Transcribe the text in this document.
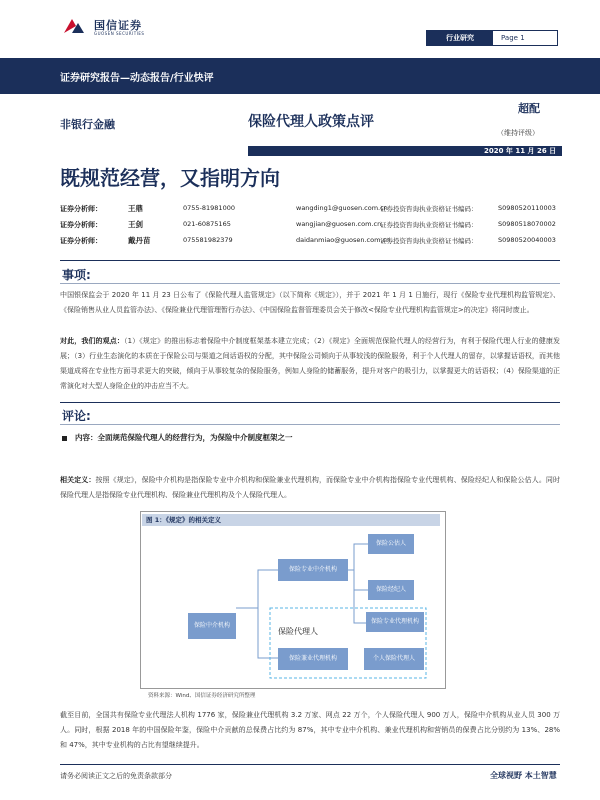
国信证券
GUOSEN SECURITIES
行业研究	Page 1
证券研究报告—动态报告/行业快评
非银行金融	保险代理人政策点评
超配
（维持评级）
2020 年 11 月 26 日
既规范经营，又指明方向
证券分析师：	王鼎	0755-81981000	wangding1@guosen.com.cn
证券投资咨询执业资格证书编码：	S0980520110003
证券分析师：	王剑	021-60875165	wangjian@guosen.com.cn
证券投资咨询执业资格证书编码：	S0980518070002
证券分析师：	戴丹苗	075581982379	daidanmiao@guosen.com.cn
证券投资咨询执业资格证书编码：	S0980520040003
事项:
中国银保监会于 2020 年 11 月 23 日公布了《保险代理人监管规定》（以下简称《规定》），并于 2021 年 1 月 1 日施行，现行《保险专业代理机构监管规定》、《保险销售从业人员监管办法》、《保险兼业代理管理暂行办法》、《中国保险监督管理委员会关于修改<保险专业代理机构监管规定>的决定》将同时废止。
对此，我们的观点：（1）《规定》的推出标志着保险中介制度框架基本建立完成；（2）《规定》全面规范保险代理人的经营行为，有利于保险代理人行业的健康发展；（3）行业生态演化的本质在于保险公司与渠道之间话语权的分配，其中保险公司倾向于从事较浅的保险服务，利于个人代理人的留存，以掌握话语权，而其他渠道成将在专业性方面寻求更大的突破，倾向于从事较复杂的保险服务，例如人身险的储蓄服务，提升对客户的吸引力，以掌握更大的话语权；（4）保险渠道的正常演化对大型人身险企业的冲击应当不大。
评论:
内容：全面规范保险代理人的经营行为，为保险中介制度框架之一
相关定义：按照《规定》，保险中介机构是指保险专业中介机构和保险兼业代理机构，而保险专业中介机构指保险专业代理机构、保险经纪人和保险公估人。同时保险代理人是指保险专业代理机构、保险兼业代理机构及个人保险代理人。
图 1：《规定》的相关定义
保险中介机构
保险专业中介机构
保险公估人
保险经纪人
保险专业代理机构
保险兼业代理机构	个人保险代理人
保险代理人
资料来源：Wind、国信证券经济研究所整理
截至目前，全国共有保险专业代理法人机构 1776 家，保险兼业代理机构 3.2 万家、网点 22 万个，个人保险代理人 900 万人，保险中介机构从业人员 300 万人。同时，根据 2018 年的中国保险年鉴，保险中介贡献的总保费占比约为 87%，其中专业中介机构、兼业代理机构和营销员的保费占比分别约为 13%、28%和 47%，其中专业机构的占比有望继续提升。
请务必阅读正文之后的免责条款部分	全球视野 本土智慧
